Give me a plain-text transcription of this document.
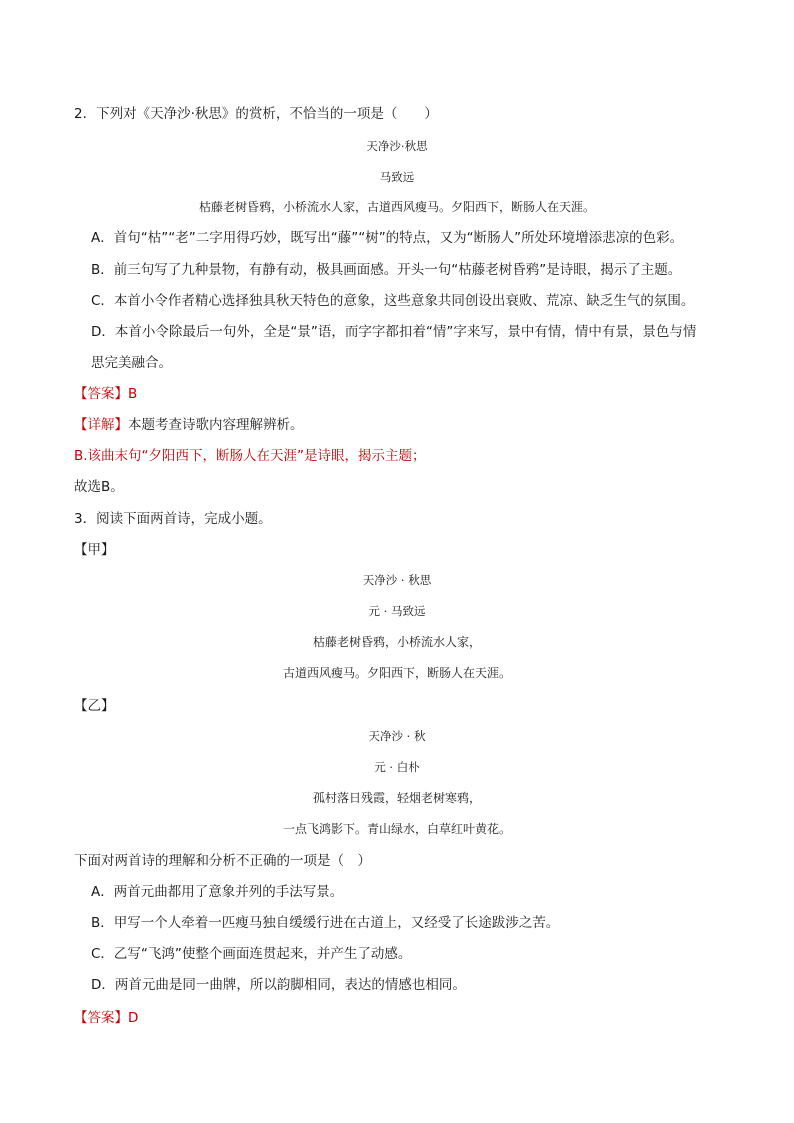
2．下列对《天净沙·秋思》的赏析，不恰当的一项是（　　）
天净沙·秋思
马致远
枯藤老树昏鸦，小桥流水人家，古道西风瘦马。夕阳西下，断肠人在天涯。
A．首句“枯”“老”二字用得巧妙，既写出“藤”“树”的特点，又为“断肠人”所处环境增添悲凉的色彩。
B．前三句写了九种景物，有静有动，极具画面感。开头一句“枯藤老树昏鸦”是诗眼，揭示了主题。
C．本首小令作者精心选择独具秋天特色的意象，这些意象共同创设出衰败、荒凉、缺乏生气的氛围。
D．本首小令除最后一句外，全是“景”语，而字字都扣着“情”字来写，景中有情，情中有景，景色与情
思完美融合。
【答案】B
【详解】本题考查诗歌内容理解辨析。
B.该曲末句“夕阳西下，断肠人在天涯”是诗眼，揭示主题；
故选B。
3．阅读下面两首诗，完成小题。
【甲】
天净沙 · 秋思
元 · 马致远
枯藤老树昏鸦，小桥流水人家，
古道西风瘦马。夕阳西下，断肠人在天涯。
【乙】
天净沙 · 秋
元 · 白朴
孤村落日残霞，轻烟老树寒鸦，
一点飞鸿影下。青山绿水，白草红叶黄花。
下面对两首诗的理解和分析不正确的一项是（　）
A．两首元曲都用了意象并列的手法写景。
B．甲写一个人牵着一匹瘦马独自缓缓行进在古道上，又经受了长途跋涉之苦。
C．乙写“飞鸿”使整个画面连贯起来，并产生了动感。
D．两首元曲是同一曲牌，所以韵脚相同，表达的情感也相同。
【答案】D
